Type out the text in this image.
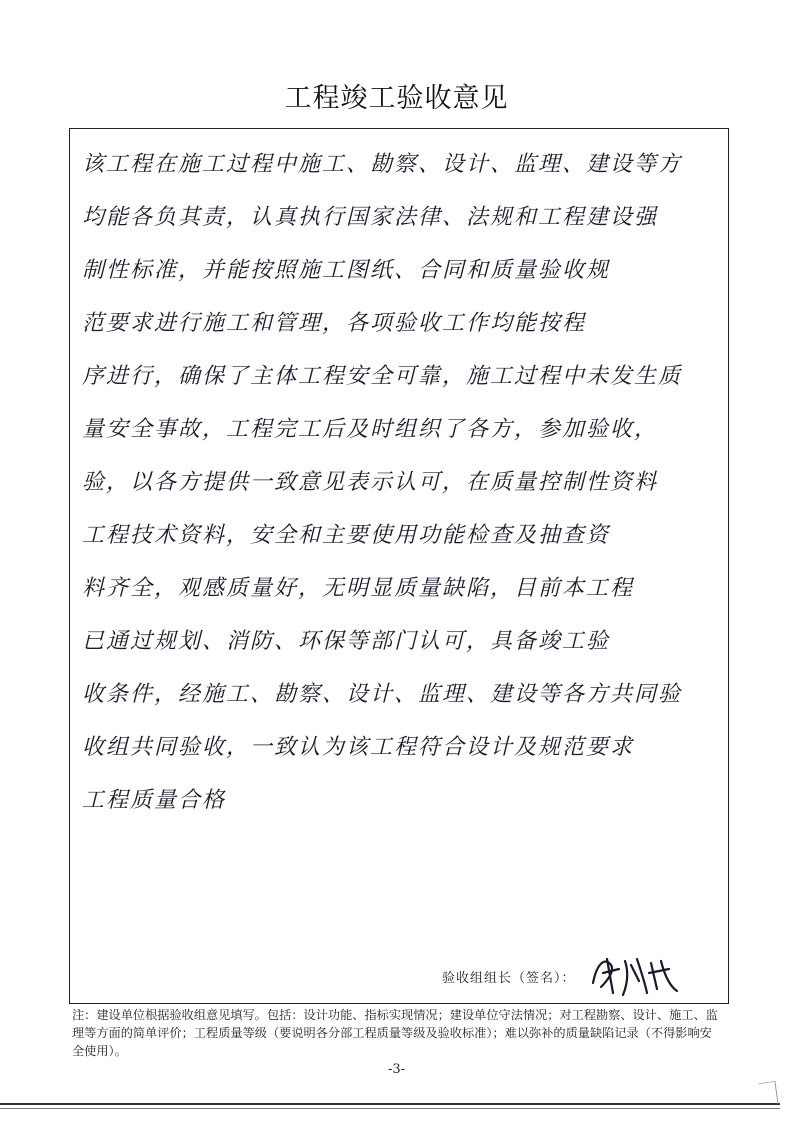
工程竣工验收意见
该工程在施工过程中施工、勘察、设计、监理、建设等方
均能各负其责，认真执行国家法律、法规和工程建设强
制性标准，并能按照施工图纸、合同和质量验收规
范要求进行施工和管理，各项验收工作均能按程
序进行，确保了主体工程安全可靠，施工过程中未发生质
量安全事故，工程完工后及时组织了各方，参加验收，
验，以各方提供一致意见表示认可，在质量控制性资料
工程技术资料，安全和主要使用功能检查及抽查资
料齐全，观感质量好，无明显质量缺陷，目前本工程
已通过规划、消防、环保等部门认可，具备竣工验
收条件，经施工、勘察、设计、监理、建设等各方共同验
收组共同验收，一致认为该工程符合设计及规范要求
工程质量合格
验收组组长（签名）：
注：建设单位根据验收组意见填写。包括：设计功能、指标实现情况；建设单位守法情况；对工程勘察、设计、施工、监理等方面的简单评价；工程质量等级（要说明各分部工程质量等级及验收标准）；难以弥补的质量缺陷记录（不得影响安全使用）。
-3-
